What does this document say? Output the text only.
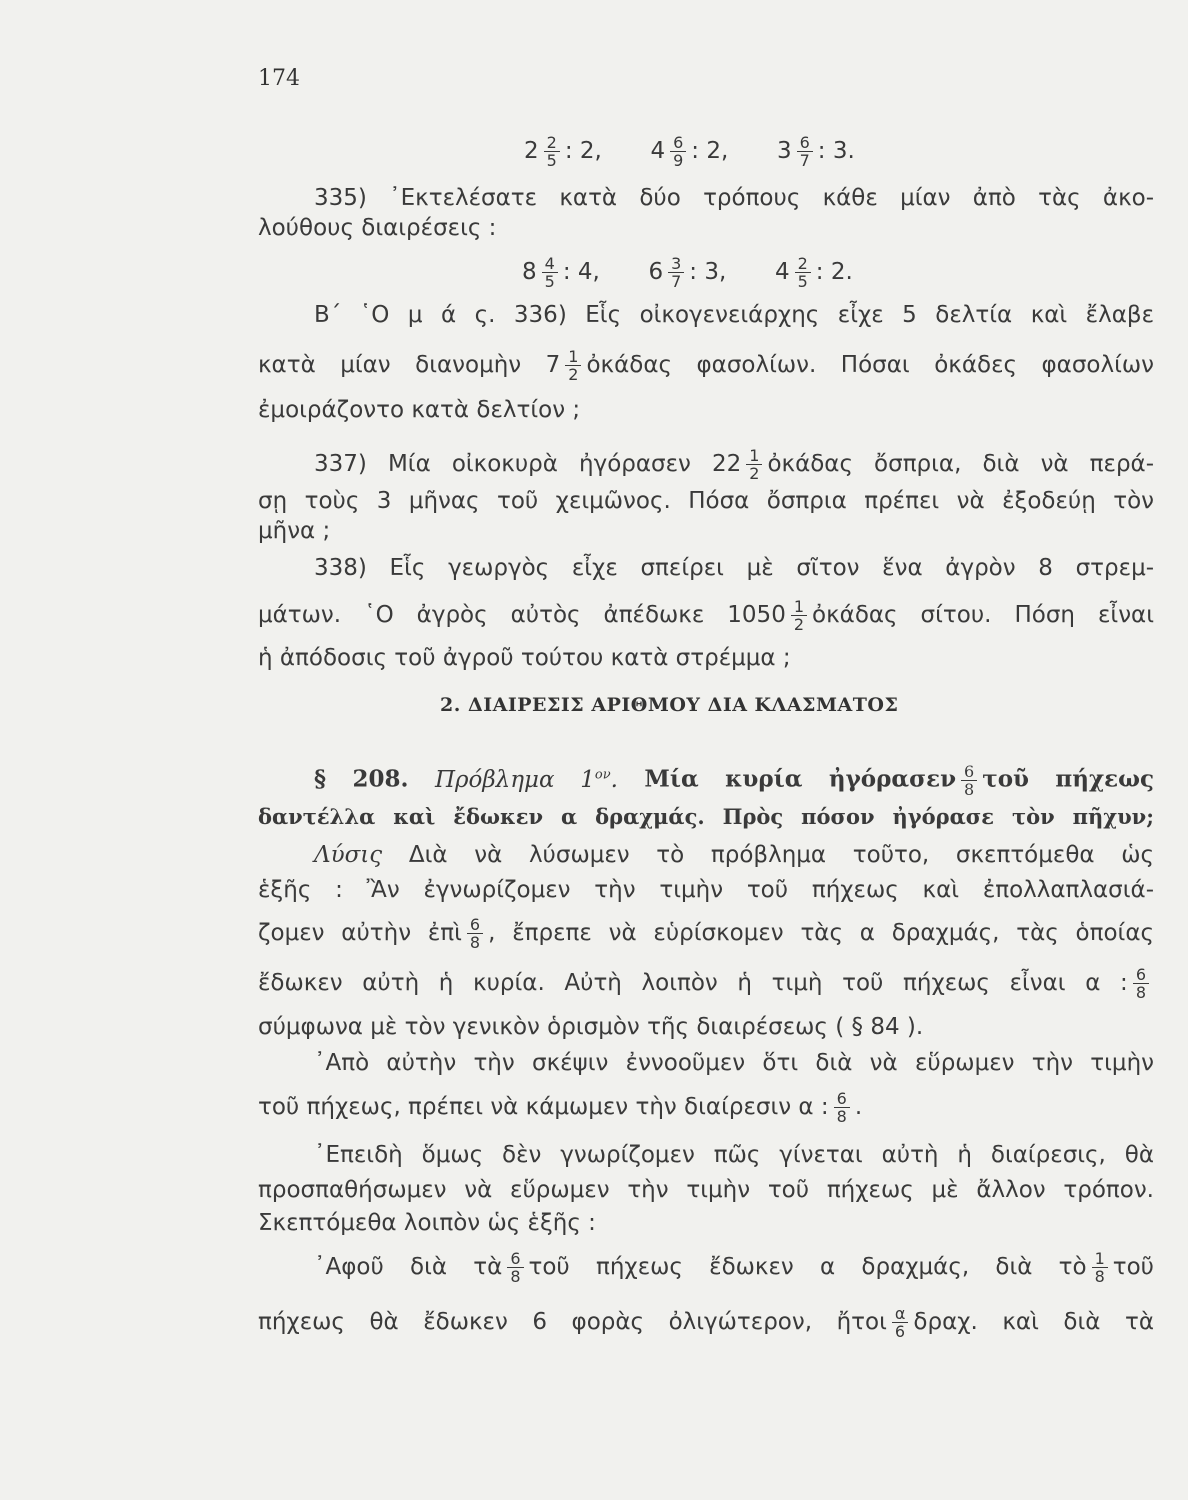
174
$2 \frac{2}{5}$ : 2, $4 \frac{6}{9}$ : 2, $3 \frac{6}{7}$ : 3.
335) ᾿Εκτελέσατε κατὰ δύο τρόπους κάθε μίαν ἀπὸ τὰς ἀκο-
λούθους διαιρέσεις :
$8 \frac{4}{5}$ : 4, $6 \frac{3}{7}$ : 3, $4 \frac{2}{5}$ : 2.
Β΄ ῾Ο μ ά ς. 336) Εἷς οἰκογενειάρχης εἶχε 5 δελτία καὶ ἔλαβε
κατὰ μίαν διανομὴν $7 \frac{1}{2}$ ὀκάδας φασολίων. Πόσαι ὀκάδες φασολίων
ἐμοιράζοντο κατὰ δελτίον ;
337) Μία οἰκοκυρὰ ἠγόρασεν $22 \frac{1}{2}$ ὀκάδας ὄσπρια, διὰ νὰ περά-
σῃ τοὺς 3 μῆνας τοῦ χειμῶνος. Πόσα ὄσπρια πρέπει νὰ ἐξοδεύῃ τὸν
μῆνα ;
338) Εἷς γεωργὸς εἶχε σπείρει μὲ σῖτον ἕνα ἀγρὸν 8 στρεμ-
μάτων. ῾Ο ἀγρὸς αὐτὸς ἀπέδωκε $1050 \frac{1}{2}$ ὀκάδας σίτου. Πόση εἶναι
ἡ ἀπόδοσις τοῦ ἀγροῦ τούτου κατὰ στρέμμα ;
2. ΔΙΑΙΡΕΣΙΣ ΑΡΙΘΜΟΥ ΔΙΑ ΚΛΑΣΜΑΤΟΣ
§ 208. Πρόβλημα $1^{o\nu}$. Μία κυρία ἠγόρασεν $\frac{6}{8}$ τοῦ πήχεως
δαντέλλα καὶ ἔδωκεν α δραχμάς. Πρὸς πόσον ἠγόρασε τὸν πῆχυν;
Λύσις Διὰ νὰ λύσωμεν τὸ πρόβλημα τοῦτο, σκεπτόμεθα ὡς
ἑξῆς : Ἂν ἐγνωρίζομεν τὴν τιμὴν τοῦ πήχεως καὶ ἐπολλαπλασιά-
ζομεν αὐτὴν ἐπὶ $\frac{6}{8}$ , ἔπρεπε νὰ εὑρίσκομεν τὰς α δραχμάς, τὰς ὁποίας
ἔδωκεν αὐτὴ ἡ κυρία. Αὐτὴ λοιπὸν ἡ τιμὴ τοῦ πήχεως εἶναι α : $\frac{6}{8}$
σύμφωνα μὲ τὸν γενικὸν ὁρισμὸν τῆς διαιρέσεως ( § 84 ).
᾿Απὸ αὐτὴν τὴν σκέψιν ἐννοοῦμεν ὅτι διὰ νὰ εὕρωμεν τὴν τιμὴν
τοῦ πήχεως, πρέπει νὰ κάμωμεν τὴν διαίρεσιν α : $\frac{6}{8}$ .
᾿Επειδὴ ὅμως δὲν γνωρίζομεν πῶς γίνεται αὐτὴ ἡ διαίρεσις, θὰ
προσπαθήσωμεν νὰ εὕρωμεν τὴν τιμὴν τοῦ πήχεως μὲ ἄλλον τρόπον.
Σκεπτόμεθα λοιπὸν ὡς ἑξῆς :
᾿Αφοῦ διὰ τὰ $\frac{6}{8}$ τοῦ πήχεως ἔδωκεν α δραχμάς, διὰ τὸ $\frac{1}{8}$ τοῦ
πήχεως θὰ ἔδωκεν 6 φορὰς ὀλιγώτερον, ἤτοι $\frac{\alpha}{6} \delta\rho\alpha\chi$. καὶ διὰ τὰ
